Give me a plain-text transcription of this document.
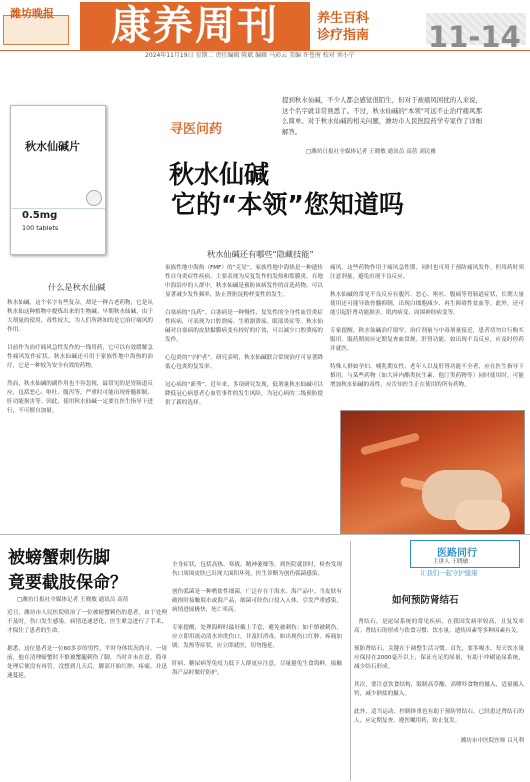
潍坊晚报	康养周刊	养生百科 诊疗指南 11-14
2024年11月19日 星期二 责任编辑 陈斌 编辑 马彩云 美编 许苍南 校对 刘小宁
秋水仙碱片
0.5mg
100 tablets
寻医问药
提到秋水仙碱，不少人都会感觉很陌生，但对于被痛风困扰的人来说，这个名字就非常熟悉了。不过，秋水仙碱的"本领"可远不止治疗痛风那么简单。对于秋水仙碱的相关问题，潍坊市人民医院药学专家作了详细解答。
□潍坊日报社全媒体记者 王晓敏 通讯员 高蓓 刘民雅
秋水仙碱
它的“本领”您知道吗
秋水仙碱还有哪些“隐藏技能”
什么是秋水仙碱
秋水仙碱，这个名字有些复杂，却是一种古老药物，它是从秋水仙这种植物中提炼出来的生物碱。早期秋水仙碱，由于大剂量的使用，毒性较大，为人们所熟知的是它治疗痛风的作用。

目前作为治疗痛风急性发作的一线用药，它可以有效缓解急性痛风发作症状。秋水仙碱还可用于家族性地中海热的治疗，它是一种较为安全有效的药物。

然而，秋水仙碱的副作用也不容忽视，最常见的是胃肠道反应，包括恶心、呕吐、腹泻等，严重时可能出现骨髓抑制、肝功能损害等。因此，使用秋水仙碱一定要在医生指导下进行，不可擅自加量。
家族性地中海热（FMF）的“克星”。家族性地中海热是一种遗传性自身炎症性疾病，主要表现为反复发作的发热和浆膜炎。在地中海沿岸的人群中，秋水仙碱是预防该病发作的首选药物，可以显著减少发作频率，防止肾脏淀粉样变性的发生。

白塞病的“良药”。白塞病是一种慢性、复发性的全身性血管炎症性疾病，可表现为口腔溃疡、生殖器溃疡、眼部炎症等。秋水仙碱对白塞病的皮肤黏膜病变有较好的疗效，可以减少口腔溃疡的发作。

心包炎的“守护者”。研究表明，秋水仙碱联合常规治疗可显著降低心包炎的复发率。

冠心病的“新秀”。近年来，多项研究发现，低剂量秋水仙碱可以降低冠心病患者心血管事件的发生风险，为冠心病的二级预防提供了新的选择。
痛风。这些药物作用于痛风急性期，同时也可用于预防痛风发作。但用药时须注意剂量，避免出现不良反应。

秋水仙碱的常见不良反应有腹泻、恶心、呕吐、腹痛等胃肠道症状，长期大量使用还可能导致骨髓抑制，出现白细胞减少、再生障碍性贫血等。此外，还可能引起肝肾功能损害、肌肉病变、周围神经病变等。

专家提醒，秋水仙碱治疗窗窄，治疗剂量与中毒剂量接近，患者切勿自行购买服用。服药期间应定期复查血常规、肝肾功能。如出现不良反应，应及时停药并就医。

特殊人群如孕妇、哺乳期女性、老年人以及肝肾功能不全者，应在医生指导下慎用。与某些药物（如大环内酯类抗生素、他汀类药物等）同时使用时，可能增加秋水仙碱的毒性，应告知医生正在使用的所有药物。
被螃蟹刺伤脚
竟要截肢保命？
□潍坊日报社全媒体记者 王晓敏 通讯员 高蓓
近日，潍坊市人民医院收治了一位被螃蟹刺伤的患者，由于处理不及时，伤口发生感染，病情迅速恶化，医生紧急进行了手术，才保住了患者的生命。

据悉，这位患者是一位60多岁的男性，平时身体状况尚可。一周前，他在清理螃蟹时不慎被蟹腿刺伤了脚，当时并未在意，简单处理后便没有再管。没想到几天后，脚部开始红肿、疼痛，并迅速蔓延。
全身症状，包括高热、寒战、精神萎靡等，到医院就诊时，检查发现伤口周围皮肤已出现大面积坏死，医生诊断为创伤弧菌感染。

创伤弧菌是一种嗜盐性细菌，广泛存在于海水、海产品中。当皮肤有破损时接触海水或海产品，细菌可经伤口侵入人体，引发严重感染，病情进展极快，死亡率高。

专家提醒，处理海鲜时最好戴上手套，避免被刺伤；如不慎被刺伤，应立即用流动清水冲洗伤口，并及时消毒。如出现伤口红肿、疼痛加剧、发热等症状，应立即就医，切勿拖延。

肝病、糖尿病等免疫力低下人群更应注意，尽量避免生食海鲜，接触海产品时做好防护。
医路同行
主讲人 王晓敏
让我们一起守护健康
如何预防肾结石

肾结石，是泌尿系统的常见疾病，在我国发病率较高，且复发率高。肾结石的形成与饮食习惯、饮水量、遗传因素等多种因素有关。

预防肾结石，关键在于调整生活习惯。首先，要多喝水，每天饮水量应保持在2000毫升以上，保证充足的尿量，有助于冲刷泌尿系统，减少结石形成。

其次，要注意饮食结构，限制高草酸、高嘌呤食物的摄入，适量摄入钙，减少钠盐的摄入。

此外，适当运动、控制体重也有助于预防肾结石。已经患过肾结石的人，应定期复查，遵医嘱用药，防止复发。

潍坊市中医院医师 吕凡利
